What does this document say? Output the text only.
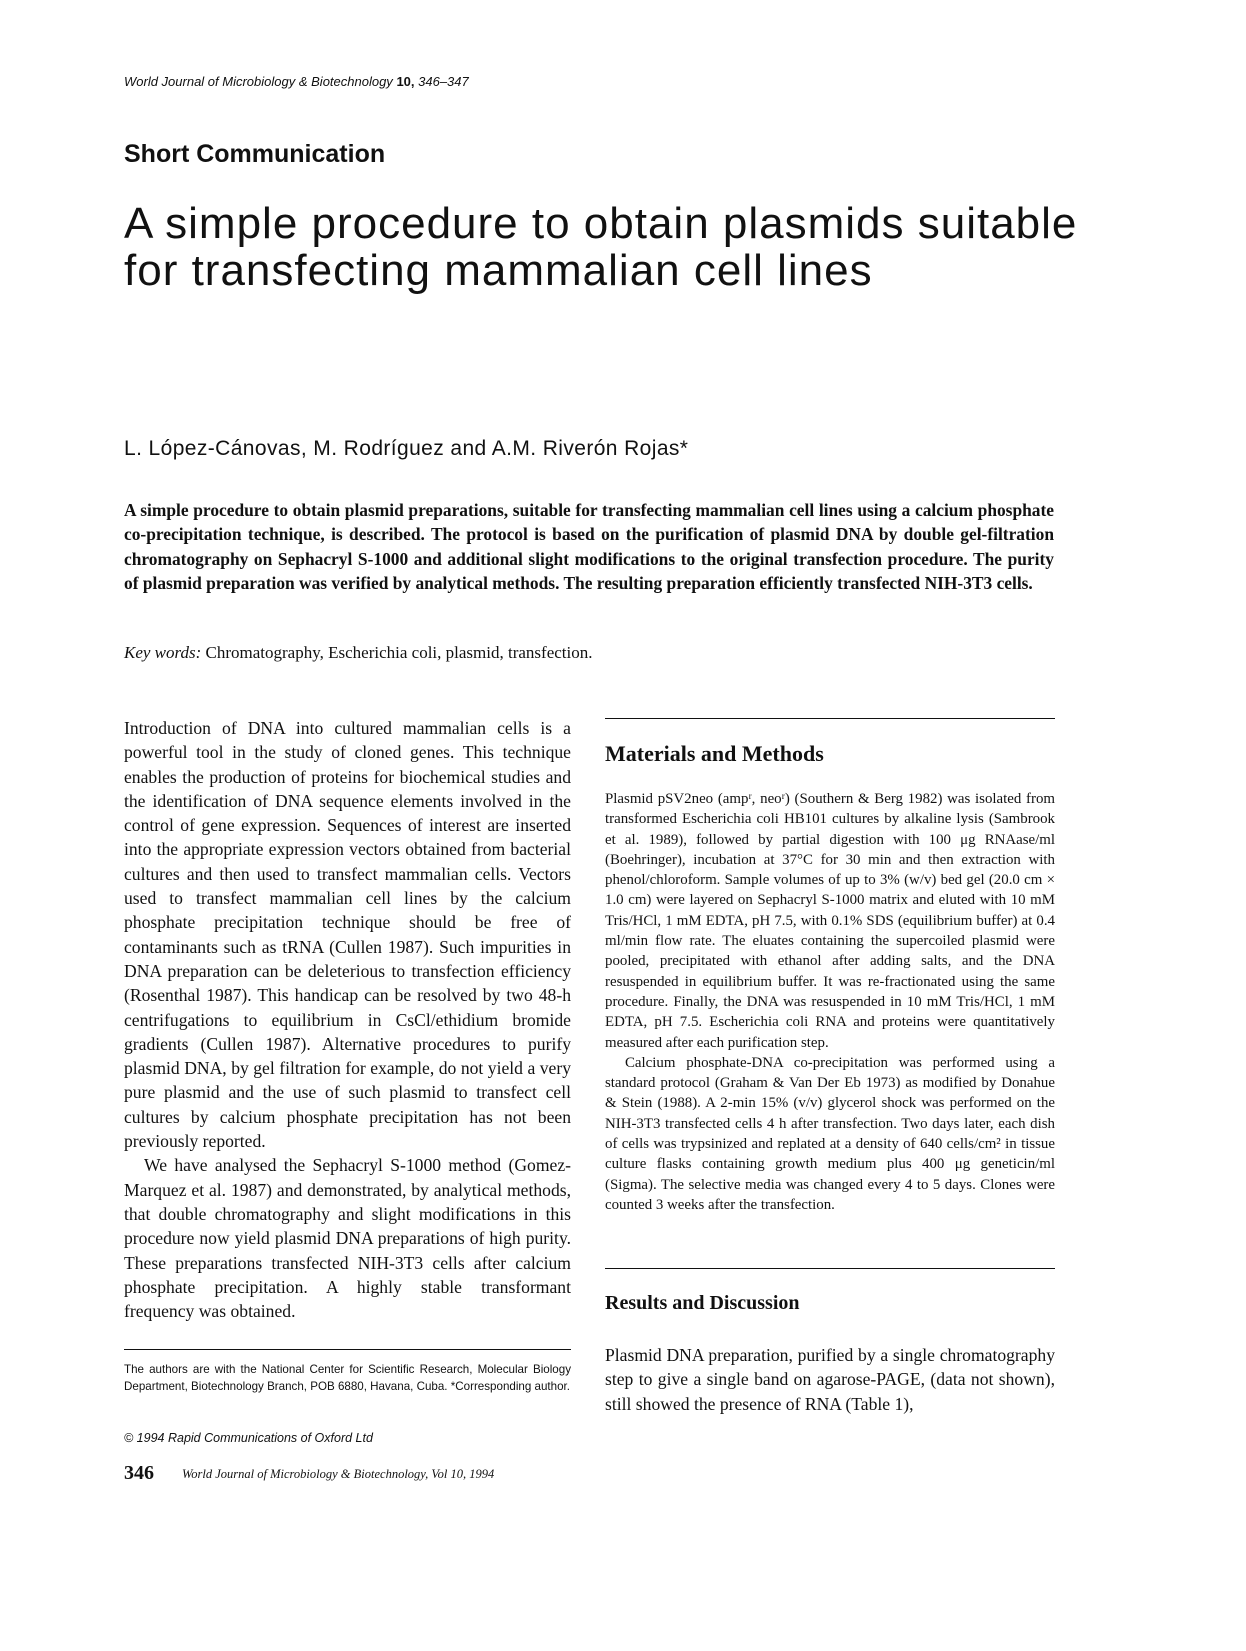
World Journal of Microbiology & Biotechnology 10, 346–347
Short Communication
A simple procedure to obtain plasmids suitable for transfecting mammalian cell lines
L. López-Cánovas, M. Rodríguez and A.M. Riverón Rojas*
A simple procedure to obtain plasmid preparations, suitable for transfecting mammalian cell lines using a calcium phosphate co-precipitation technique, is described. The protocol is based on the purification of plasmid DNA by double gel-filtration chromatography on Sephacryl S-1000 and additional slight modifications to the original transfection procedure. The purity of plasmid preparation was verified by analytical methods. The resulting preparation efficiently transfected NIH-3T3 cells.
Key words: Chromatography, Escherichia coli, plasmid, transfection.

Introduction of DNA into cultured mammalian cells is a powerful tool in the study of cloned genes. This technique enables the production of proteins for biochemical studies and the identification of DNA sequence elements involved in the control of gene expression. Sequences of interest are inserted into the appropriate expression vectors obtained from bacterial cultures and then used to transfect mammalian cells. Vectors used to transfect mammalian cell lines by the calcium phosphate precipitation technique should be free of contaminants such as tRNA (Cullen 1987). Such impurities in DNA preparation can be deleterious to transfection efficiency (Rosenthal 1987). This handicap can be resolved by two 48-h centrifugations to equilibrium in CsCl/ethidium bromide gradients (Cullen 1987). Alternative procedures to purify plasmid DNA, by gel filtration for example, do not yield a very pure plasmid and the use of such plasmid to transfect cell cultures by calcium phosphate precipitation has not been previously reported.

We have analysed the Sephacryl S-1000 method (Gomez-Marquez et al. 1987) and demonstrated, by analytical methods, that double chromatography and slight modifications in this procedure now yield plasmid DNA preparations of high purity. These preparations transfected NIH-3T3 cells after calcium phosphate precipitation. A highly stable transformant frequency was obtained.

Materials and Methods

Plasmid pSV2neo (ampʳ, neoʳ) (Southern & Berg 1982) was isolated from transformed Escherichia coli HB101 cultures by alkaline lysis (Sambrook et al. 1989), followed by partial digestion with 100 μg RNAase/ml (Boehringer), incubation at 37°C for 30 min and then extraction with phenol/chloroform. Sample volumes of up to 3% (w/v) bed gel (20.0 cm × 1.0 cm) were layered on Sephacryl S-1000 matrix and eluted with 10 mM Tris/HCl, 1 mM EDTA, pH 7.5, with 0.1% SDS (equilibrium buffer) at 0.4 ml/min flow rate. The eluates containing the supercoiled plasmid were pooled, precipitated with ethanol after adding salts, and the DNA resuspended in equilibrium buffer. It was re-fractionated using the same procedure. Finally, the DNA was resuspended in 10 mM Tris/HCl, 1 mM EDTA, pH 7.5. Escherichia coli RNA and proteins were quantitatively measured after each purification step.

Calcium phosphate-DNA co-precipitation was performed using a standard protocol (Graham & Van Der Eb 1973) as modified by Donahue & Stein (1988). A 2-min 15% (v/v) glycerol shock was performed on the NIH-3T3 transfected cells 4 h after transfection. Two days later, each dish of cells was trypsinized and replated at a density of 640 cells/cm² in tissue culture flasks containing growth medium plus 400 μg geneticin/ml (Sigma). The selective media was changed every 4 to 5 days. Clones were counted 3 weeks after the transfection.

Results and Discussion
Plasmid DNA preparation, purified by a single chromatography step to give a single band on agarose-PAGE, (data not shown), still showed the presence of RNA (Table 1),
The authors are with the National Center for Scientific Research, Molecular Biology Department, Biotechnology Branch, POB 6880, Havana, Cuba. *Corresponding author.
© 1994 Rapid Communications of Oxford Ltd
346 World Journal of Microbiology & Biotechnology, Vol 10, 1994
